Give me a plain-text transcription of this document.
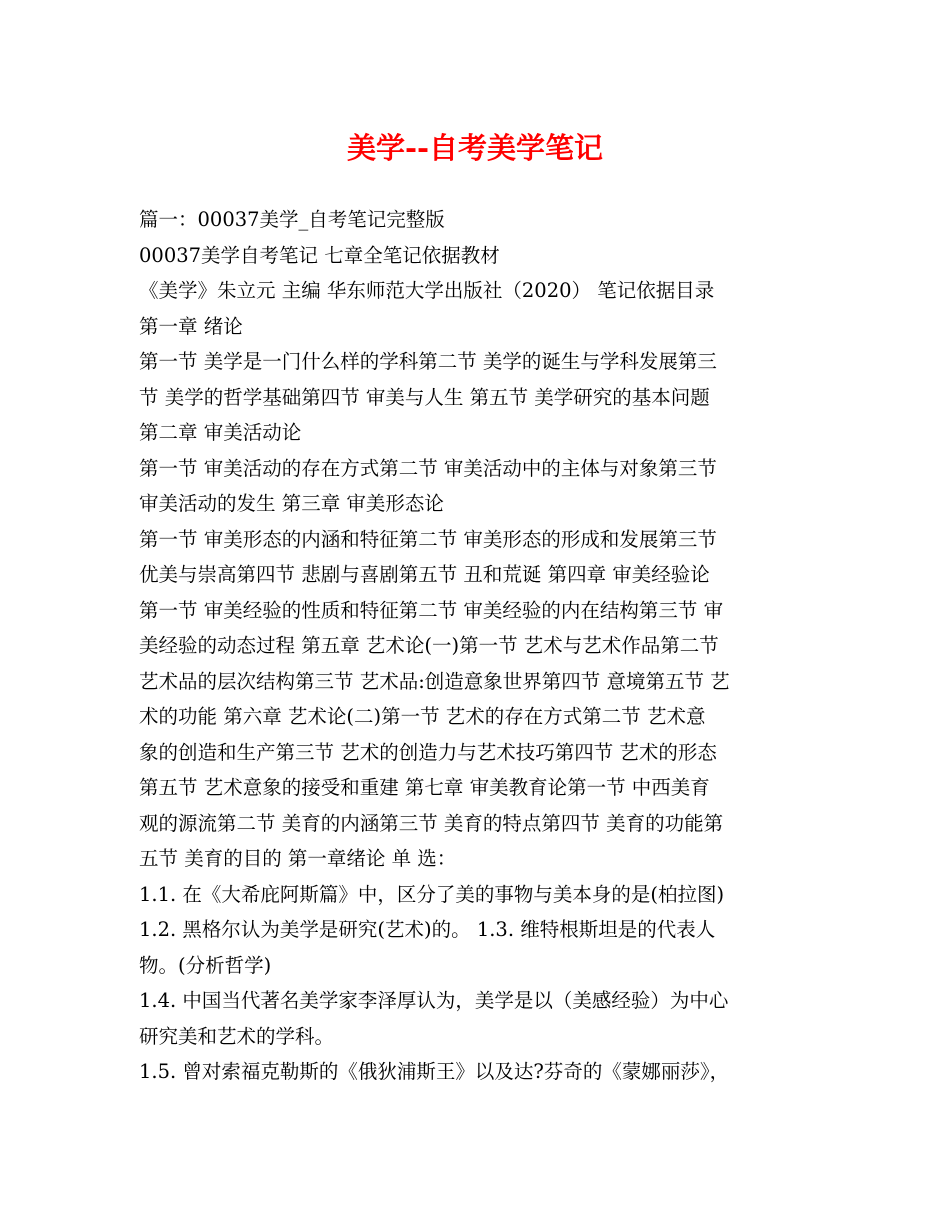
美学--自考美学笔记
篇一：00037美学_自考笔记完整版
00037美学自考笔记 七章全笔记依据教材
《美学》朱立元 主编 华东师范大学出版社（2020） 笔记依据目录
第一章 绪论
第一节 美学是一门什么样的学科第二节 美学的诞生与学科发展第三
节 美学的哲学基础第四节 审美与人生 第五节 美学研究的基本问题
第二章 审美活动论
第一节 审美活动的存在方式第二节 审美活动中的主体与对象第三节
审美活动的发生 第三章 审美形态论
第一节 审美形态的内涵和特征第二节 审美形态的形成和发展第三节
优美与崇高第四节 悲剧与喜剧第五节 丑和荒诞 第四章 审美经验论
第一节 审美经验的性质和特征第二节 审美经验的内在结构第三节 审
美经验的动态过程 第五章 艺术论(一)第一节 艺术与艺术作品第二节
艺术品的层次结构第三节 艺术品:创造意象世界第四节 意境第五节 艺
术的功能 第六章 艺术论(二)第一节 艺术的存在方式第二节 艺术意
象的创造和生产第三节 艺术的创造力与艺术技巧第四节 艺术的形态
第五节 艺术意象的接受和重建 第七章 审美教育论第一节 中西美育
观的源流第二节 美育的内涵第三节 美育的特点第四节 美育的功能第
五节 美育的目的 第一章绪论 单 选：
1.1. 在《大希庇阿斯篇》中，区分了美的事物与美本身的是(柏拉图)
1.2. 黑格尔认为美学是研究(艺术)的。 1.3. 维特根斯坦是的代表人
物。(分析哲学)
1.4. 中国当代著名美学家李泽厚认为，美学是以（美感经验）为中心
研究美和艺术的学科。
1.5. 曾对索福克勒斯的《俄狄浦斯王》以及达?芬奇的《蒙娜丽莎》，
